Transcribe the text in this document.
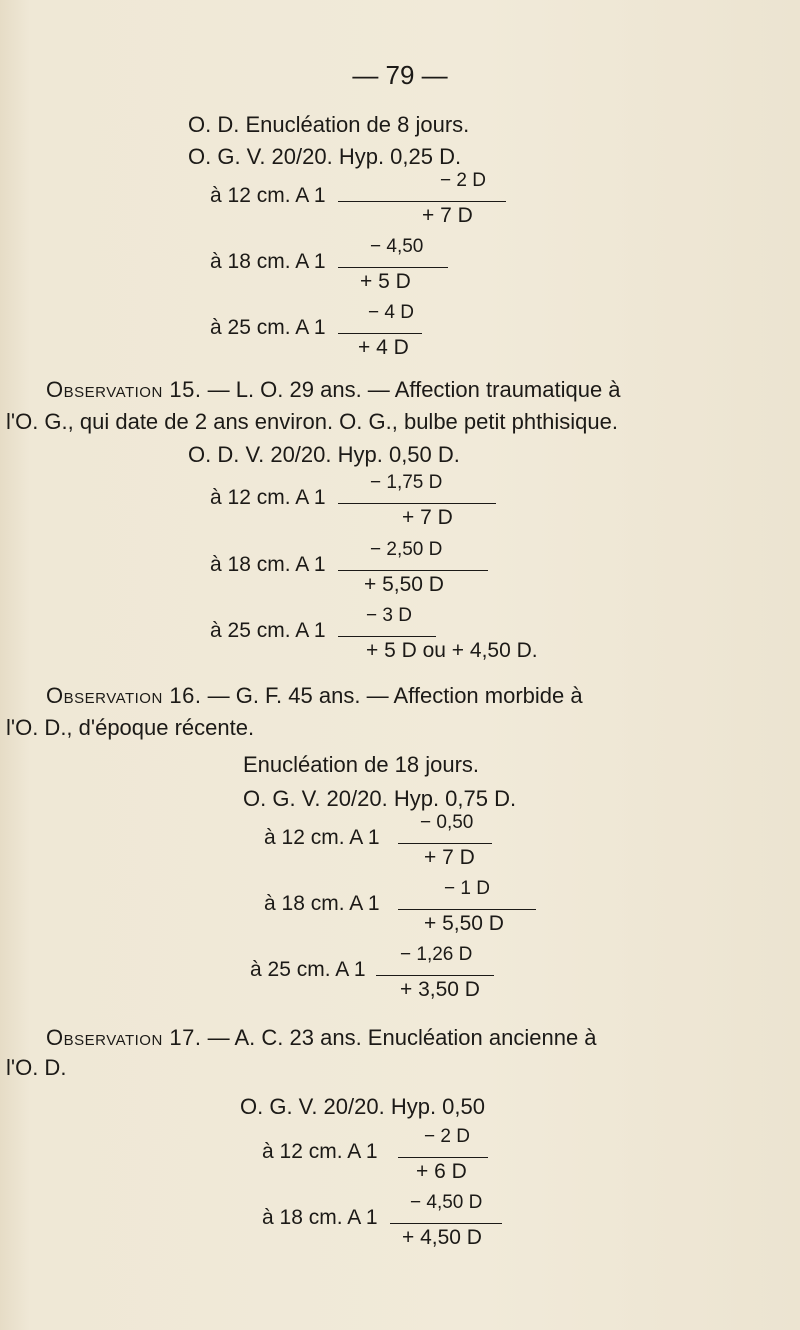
— 79 —
O. D. Enucléation de 8 jours.
O. G. V. 20/20. Hyp. 0,25 D.
à 12 cm. A 1
− 2 D
+ 7 D
à 18 cm. A 1
− 4,50
+ 5 D
à 25 cm. A 1
− 4 D
+ 4 D
Observation 15. — L. O. 29 ans. — Affection traumatique à
l'O. G., qui date de 2 ans environ. O. G., bulbe petit phthisique.
O. D. V. 20/20. Hyp. 0,50 D.
à 12 cm. A 1
− 1,75 D
+ 7 D
à 18 cm. A 1
− 2,50 D
+ 5,50 D
à 25 cm. A 1
− 3 D
+ 5 D ou + 4,50 D.
Observation 16. — G. F. 45 ans. — Affection morbide à
l'O. D., d'époque récente.
Enucléation de 18 jours.
O. G. V. 20/20. Hyp. 0,75 D.
à 12 cm. A 1
− 0,50
+ 7 D
à 18 cm. A 1
− 1 D
+ 5,50 D
à 25 cm. A 1
− 1,26 D
+ 3,50 D
Observation 17. — A. C. 23 ans. Enucléation ancienne à
l'O. D.
O. G. V. 20/20. Hyp. 0,50
à 12 cm. A 1
− 2 D
+ 6 D
à 18 cm. A 1
− 4,50 D
+ 4,50 D
